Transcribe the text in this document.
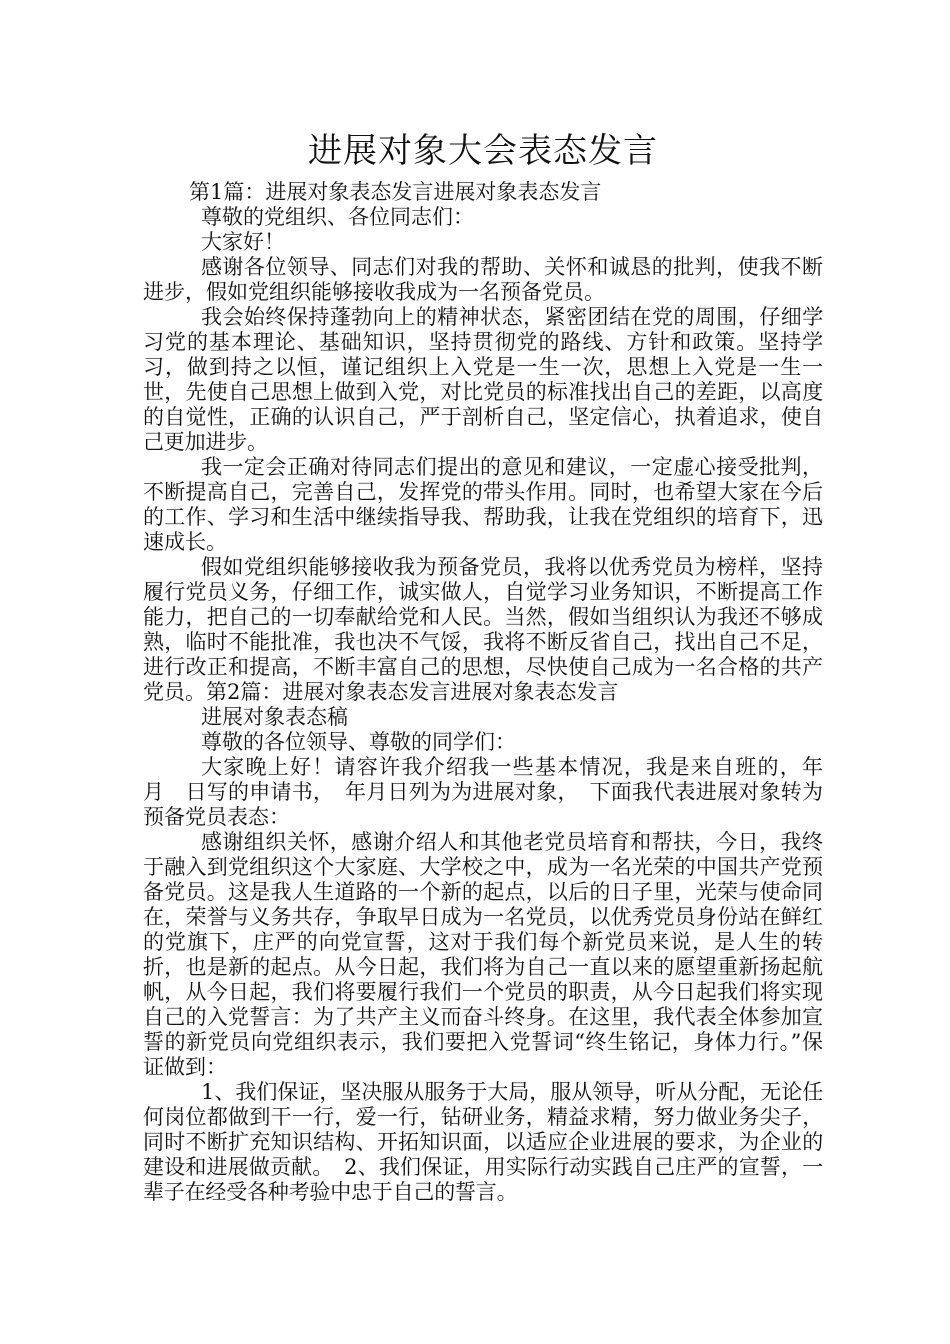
进展对象大会表态发言

第1篇：进展对象表态发言进展对象表态发言

尊敬的党组织、各位同志们：

大家好！

感谢各位领导、同志们对我的帮助、关怀和诚恳的批判，使我不断进步，假如党组织能够接收我成为一名预备党员。

我会始终保持蓬勃向上的精神状态，紧密团结在党的周围，仔细学习党的基本理论、基础知识，坚持贯彻党的路线、方针和政策。坚持学习，做到持之以恒，谨记组织上入党是一生一次，思想上入党是一生一世，先使自己思想上做到入党，对比党员的标准找出自己的差距，以高度的自觉性，正确的认识自己，严于剖析自己，坚定信心，执着追求，使自己更加进步。

我一定会正确对待同志们提出的意见和建议，一定虚心接受批判，不断提高自己，完善自己，发挥党的带头作用。同时，也希望大家在今后的工作、学习和生活中继续指导我、帮助我，让我在党组织的培育下，迅速成长。

假如党组织能够接收我为预备党员，我将以优秀党员为榜样，坚持履行党员义务，仔细工作，诚实做人，自觉学习业务知识，不断提高工作能力，把自己的一切奉献给党和人民。当然，假如当组织认为我还不够成熟，临时不能批准，我也决不气馁，我将不断反省自己，找出自己不足，进行改正和提高，不断丰富自己的思想，尽快使自己成为一名合格的共产党员。第2篇：进展对象表态发言进展对象表态发言

进展对象表态稿

尊敬的各位领导、尊敬的同学们：

大家晚上好！请容许我介绍我一些基本情况，我是来自班的，年　月　日写的申请书，　年月日列为为进展对象，　下面我代表进展对象转为预备党员表态：

感谢组织关怀，感谢介绍人和其他老党员培育和帮扶，今日，我终于融入到党组织这个大家庭、大学校之中，成为一名光荣的中国共产党预备党员。这是我人生道路的一个新的起点，以后的日子里，光荣与使命同在，荣誉与义务共存，争取早日成为一名党员，以优秀党员身份站在鲜红的党旗下，庄严的向党宣誓，这对于我们每个新党员来说，是人生的转折，也是新的起点。从今日起，我们将为自己一直以来的愿望重新扬起航帆，从今日起，我们将要履行我们一个党员的职责，从今日起我们将实现自己的入党誓言：为了共产主义而奋斗终身。在这里，我代表全体参加宣誓的新党员向党组织表示，我们要把入党誓词“终生铭记，身体力行。”保证做到：

1、我们保证，坚决服从服务于大局，服从领导，听从分配，无论任何岗位都做到干一行，爱一行，钻研业务，精益求精，努力做业务尖子，同时不断扩充知识结构、开拓知识面，以适应企业进展的要求，为企业的建设和进展做贡献。　2、我们保证，用实际行动实践自己庄严的宣誓，一辈子在经受各种考验中忠于自己的誓言。
